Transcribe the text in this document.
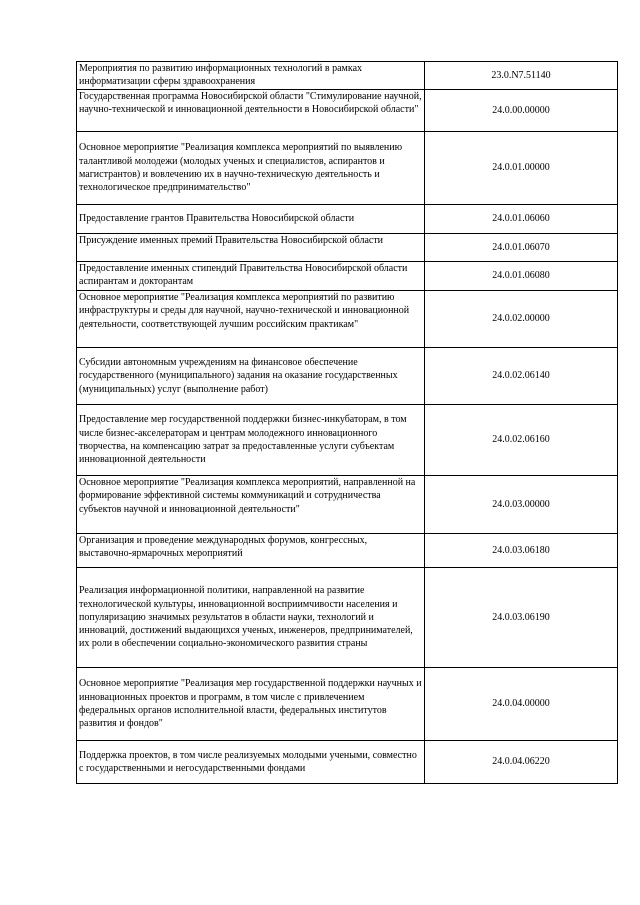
Мероприятия по развитию информационных технологий в рамках информатизации сферы здравоохранения	23.0.N7.51140
Государственная программа Новосибирской области "Стимулирование научной, научно-технической и инновационной деятельности в Новосибирской области"	24.0.00.00000
Основное мероприятие "Реализация комплекса мероприятий по выявлению талантливой молодежи (молодых ученых и специалистов, аспирантов и магистрантов) и вовлечению их в научно-техническую деятельность и технологическое предпринимательство"	24.0.01.00000
Предоставление грантов Правительства Новосибирской области	24.0.01.06060
Присуждение именных премий Правительства Новосибирской области	24.0.01.06070
Предоставление именных стипендий Правительства Новосибирской области аспирантам и докторантам	24.0.01.06080
Основное мероприятие "Реализация комплекса мероприятий по развитию инфраструктуры и среды для научной, научно-технической и инновационной деятельности, соответствующей лучшим российским практикам"	24.0.02.00000
Субсидии автономным учреждениям на финансовое обеспечение государственного (муниципального) задания на оказание государственных (муниципальных) услуг (выполнение работ)	24.0.02.06140
Предоставление мер государственной поддержки бизнес-инкубаторам, в том числе бизнес-акселераторам и центрам молодежного инновационного творчества, на компенсацию затрат за предоставленные услуги субъектам инновационной деятельности	24.0.02.06160
Основное мероприятие "Реализация комплекса мероприятий, направленной на формирование эффективной системы коммуникаций и сотрудничества субъектов научной и инновационной деятельности"	24.0.03.00000
Организация и проведение международных форумов, конгрессных, выставочно-ярмарочных мероприятий	24.0.03.06180
Реализация информационной политики, направленной на развитие технологической культуры, инновационной восприимчивости населения и популяризацию значимых результатов в области науки, технологий и инноваций, достижений выдающихся ученых, инженеров, предпринимателей, их роли в обеспечении социально-экономического развития страны	24.0.03.06190
Основное мероприятие "Реализация мер государственной поддержки научных и инновационных проектов и программ, в том числе с привлечением федеральных органов исполнительной власти, федеральных институтов развития и фондов"	24.0.04.00000
Поддержка проектов, в том числе реализуемых молодыми учеными, совместно с государственными и негосударственными фондами	24.0.04.06220
